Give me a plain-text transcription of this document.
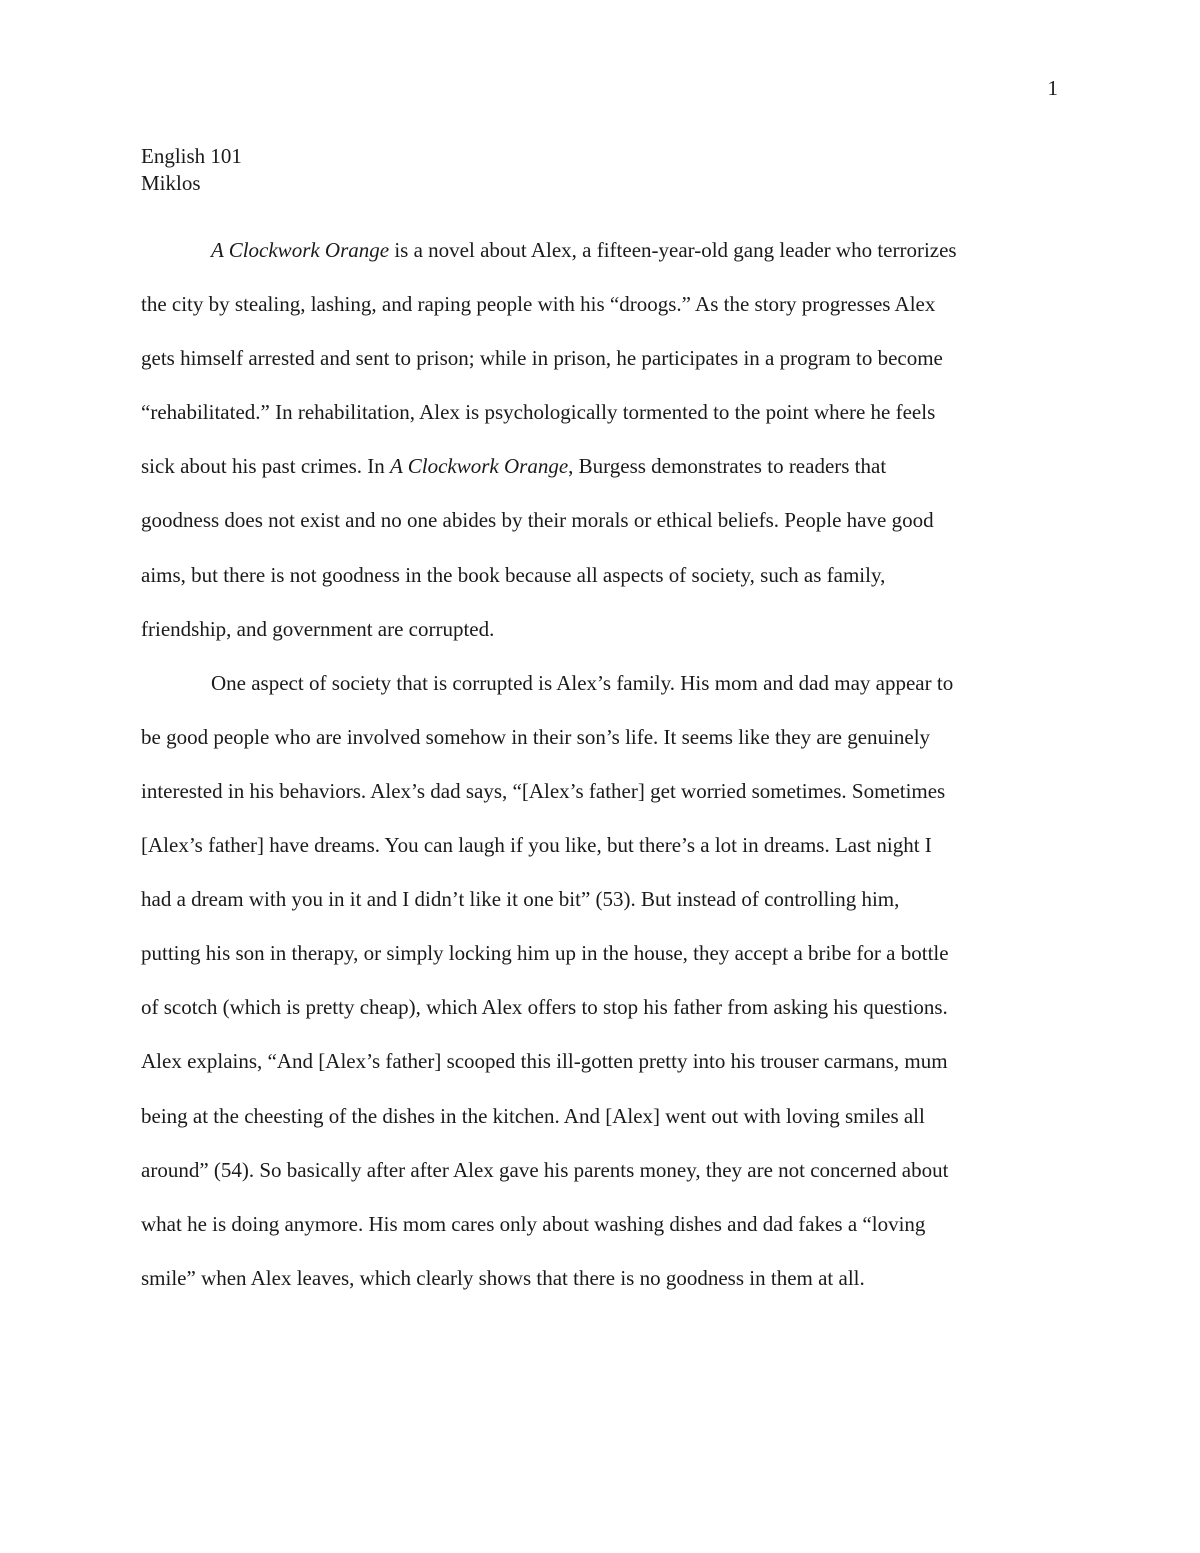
1
English 101
Miklos
A Clockwork Orange is a novel about Alex, a fifteen-year-old gang leader who terrorizes
the city by stealing, lashing, and raping people with his “droogs.” As the story progresses Alex
gets himself arrested and sent to prison; while in prison, he participates in a program to become
“rehabilitated.” In rehabilitation, Alex is psychologically tormented to the point where he feels
sick about his past crimes. In A Clockwork Orange, Burgess demonstrates to readers that
goodness does not exist and no one abides by their morals or ethical beliefs. People have good
aims, but there is not goodness in the book because all aspects of society, such as family,
friendship, and government are corrupted.
One aspect of society that is corrupted is Alex’s family. His mom and dad may appear to
be good people who are involved somehow in their son’s life. It seems like they are genuinely
interested in his behaviors. Alex’s dad says, “[Alex’s father] get worried sometimes. Sometimes
[Alex’s father] have dreams. You can laugh if you like, but there’s a lot in dreams. Last night I
had a dream with you in it and I didn’t like it one bit” (53). But instead of controlling him,
putting his son in therapy, or simply locking him up in the house, they accept a bribe for a bottle
of scotch (which is pretty cheap), which Alex offers to stop his father from asking his questions.
Alex explains, “And [Alex’s father] scooped this ill-gotten pretty into his trouser carmans, mum
being at the cheesting of the dishes in the kitchen. And [Alex] went out with loving smiles all
around” (54). So basically after after Alex gave his parents money, they are not concerned about
what he is doing anymore. His mom cares only about washing dishes and dad fakes a “loving
smile” when Alex leaves, which clearly shows that there is no goodness in them at all.
